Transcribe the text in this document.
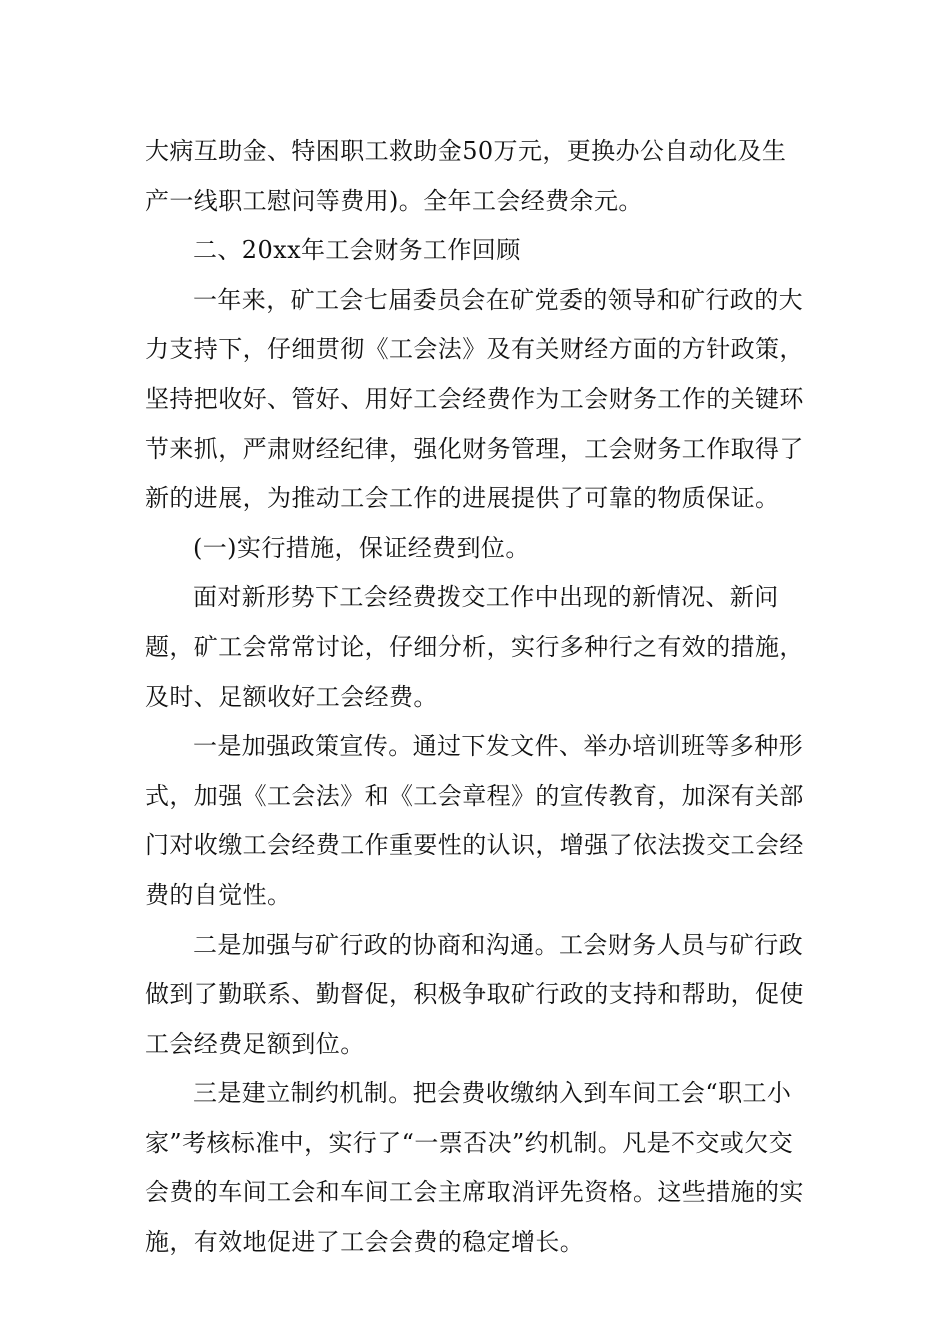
大病互助金、特困职工救助金50万元，更换办公自动化及生产一线职工慰问等费用)。全年工会经费余元。

二、20xx年工会财务工作回顾

一年来，矿工会七届委员会在矿党委的领导和矿行政的大力支持下，仔细贯彻《工会法》及有关财经方面的方针政策，坚持把收好、管好、用好工会经费作为工会财务工作的关键环节来抓，严肃财经纪律，强化财务管理，工会财务工作取得了新的进展，为推动工会工作的进展提供了可靠的物质保证。

(一)实行措施，保证经费到位。

面对新形势下工会经费拨交工作中出现的新情况、新问题，矿工会常常讨论，仔细分析，实行多种行之有效的措施，及时、足额收好工会经费。

一是加强政策宣传。通过下发文件、举办培训班等多种形式，加强《工会法》和《工会章程》的宣传教育，加深有关部门对收缴工会经费工作重要性的认识，增强了依法拨交工会经费的自觉性。

二是加强与矿行政的协商和沟通。工会财务人员与矿行政做到了勤联系、勤督促，积极争取矿行政的支持和帮助，促使工会经费足额到位。

三是建立制约机制。把会费收缴纳入到车间工会“职工小家”考核标准中，实行了“一票否决”约机制。凡是不交或欠交会费的车间工会和车间工会主席取消评先资格。这些措施的实施，有效地促进了工会会费的稳定增长。
